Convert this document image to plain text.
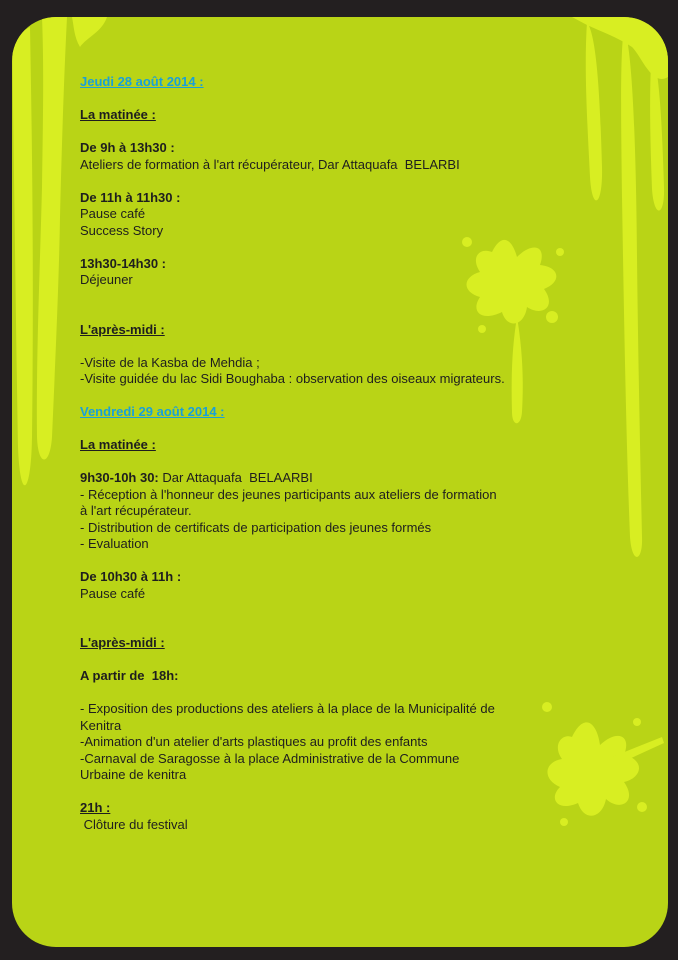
Jeudi 28 août 2014 :
La matinée :
De 9h à 13h30 :
Ateliers de formation à l'art récupérateur, Dar Attaquafa  BELARBI
De 11h à 11h30 :
Pause café
Success Story
13h30-14h30 :
Déjeuner
L'après-midi :
-Visite de la Kasba de Mehdia ;
-Visite guidée du lac Sidi Boughaba : observation des oiseaux migrateurs.
Vendredi 29 août 2014 :
La matinée :
9h30-10h 30: Dar Attaquafa  BELAARBI
- Réception à l'honneur des jeunes participants aux ateliers de formation
à l'art récupérateur.
- Distribution de certificats de participation des jeunes formés
- Evaluation
De 10h30 à 11h :
Pause café
L'après-midi :
A partir de  18h:
- Exposition des productions des ateliers à la place de la Municipalité de
Kenitra
-Animation d'un atelier d'arts plastiques au profit des enfants
-Carnaval de Saragosse à la place Administrative de la Commune
Urbaine de kenitra
21h :
Clôture du festival
